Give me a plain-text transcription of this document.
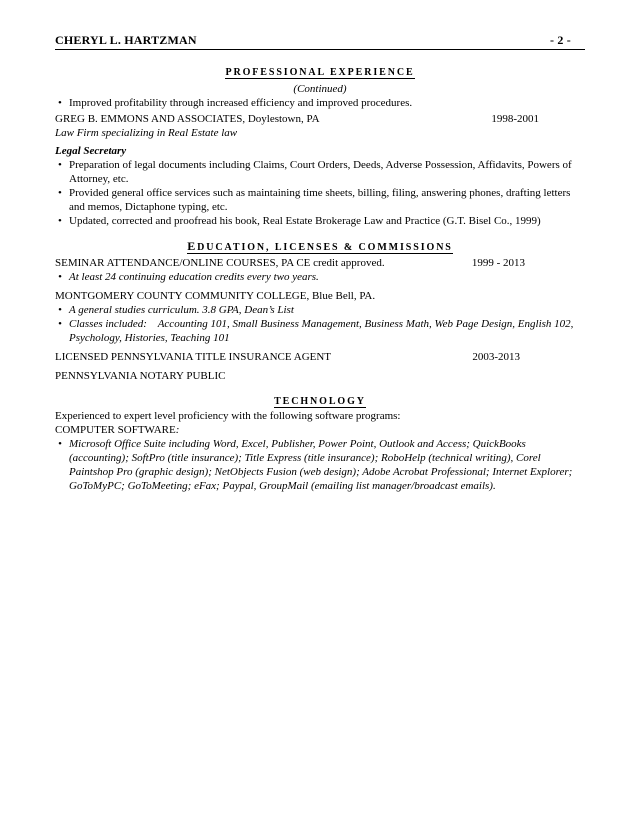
CHERYL L. HARTZMAN	- 2 -
PROFESSIONAL EXPERIENCE
(Continued)
• Improved profitability through increased efficiency and improved procedures.
GREG B. EMMONS AND ASSOCIATES, Doylestown, PA	1998-2001
Law Firm specializing in Real Estate law
Legal Secretary
• Preparation of legal documents including Claims, Court Orders, Deeds, Adverse Possession, Affidavits, Powers of Attorney, etc.
• Provided general office services such as maintaining time sheets, billing, filing, answering phones, drafting letters and memos, Dictaphone typing, etc.
• Updated, corrected and proofread his book, Real Estate Brokerage Law and Practice (G.T. Bisel Co., 1999)
EDUCATION, LICENSES & COMMISSIONS
SEMINAR ATTENDANCE/ONLINE COURSES, PA CE credit approved.	1999 - 2013
• At least 24 continuing education credits every two years.
MONTGOMERY COUNTY COMMUNITY COLLEGE, Blue Bell, PA.
• A general studies curriculum. 3.8 GPA, Dean’s List
• Classes included:    Accounting 101, Small Business Management, Business Math, Web Page Design, English 102, Psychology, Histories, Teaching 101
LICENSED PENNSYLVANIA TITLE INSURANCE AGENT	2003-2013
PENNSYLVANIA NOTARY PUBLIC
TECHNOLOGY
Experienced to expert level proficiency with the following software programs:
COMPUTER SOFTWARE:
• Microsoft Office Suite including Word, Excel, Publisher, Power Point, Outlook and Access; QuickBooks (accounting); SoftPro (title insurance); Title Express (title insurance); RoboHelp (technical writing), Corel Paintshop Pro (graphic design); NetObjects Fusion (web design); Adobe Acrobat Professional; Internet Explorer; GoToMyPC; GoToMeeting; eFax; Paypal, GroupMail (emailing list manager/broadcast emails).
